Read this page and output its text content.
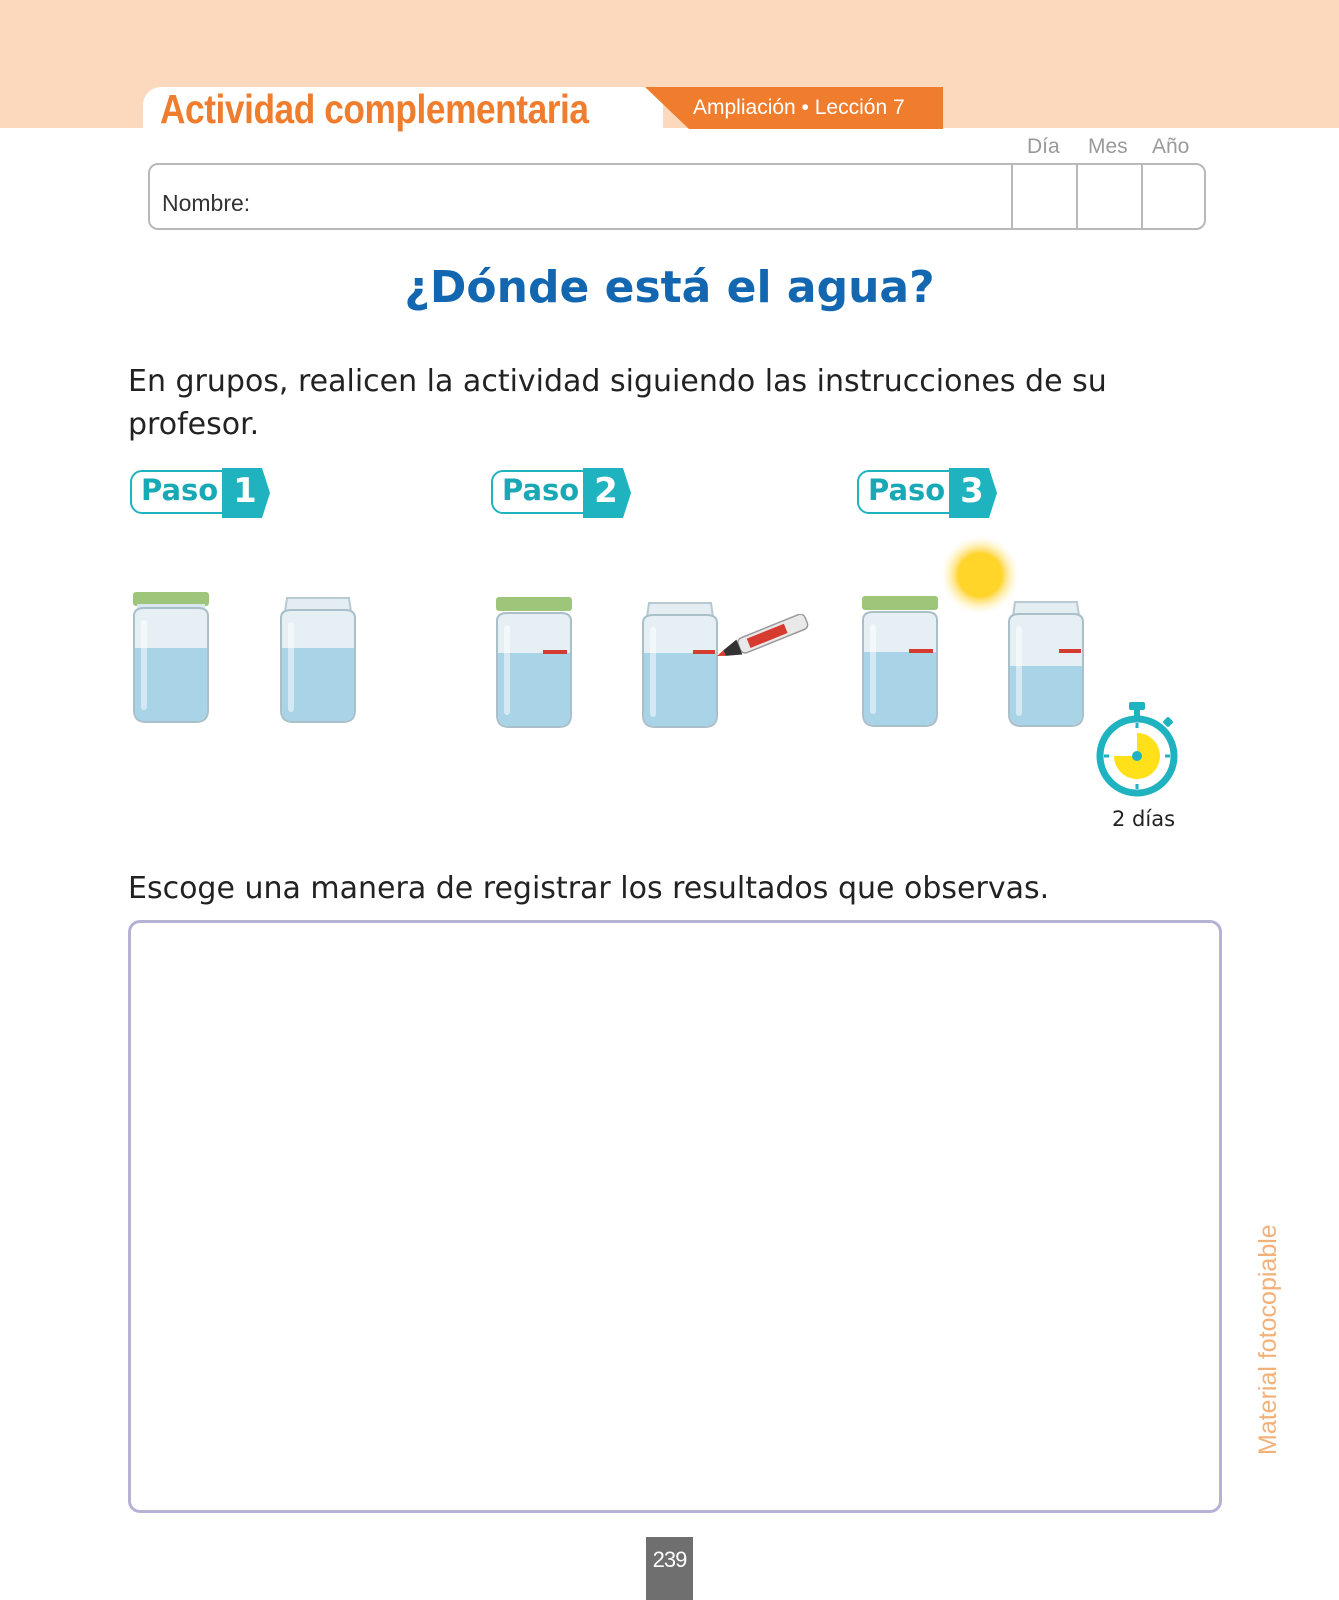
Actividad complementaria	Ampliación • Lección 7
Día Mes Año
Nombre:
¿Dónde está el agua?

En grupos, realicen la actividad siguiendo las instrucciones de su profesor.

Paso 1	Paso 2	Paso 3
2 días

Escoge una manera de registrar los resultados que observas.

Material fotocopiable
239
